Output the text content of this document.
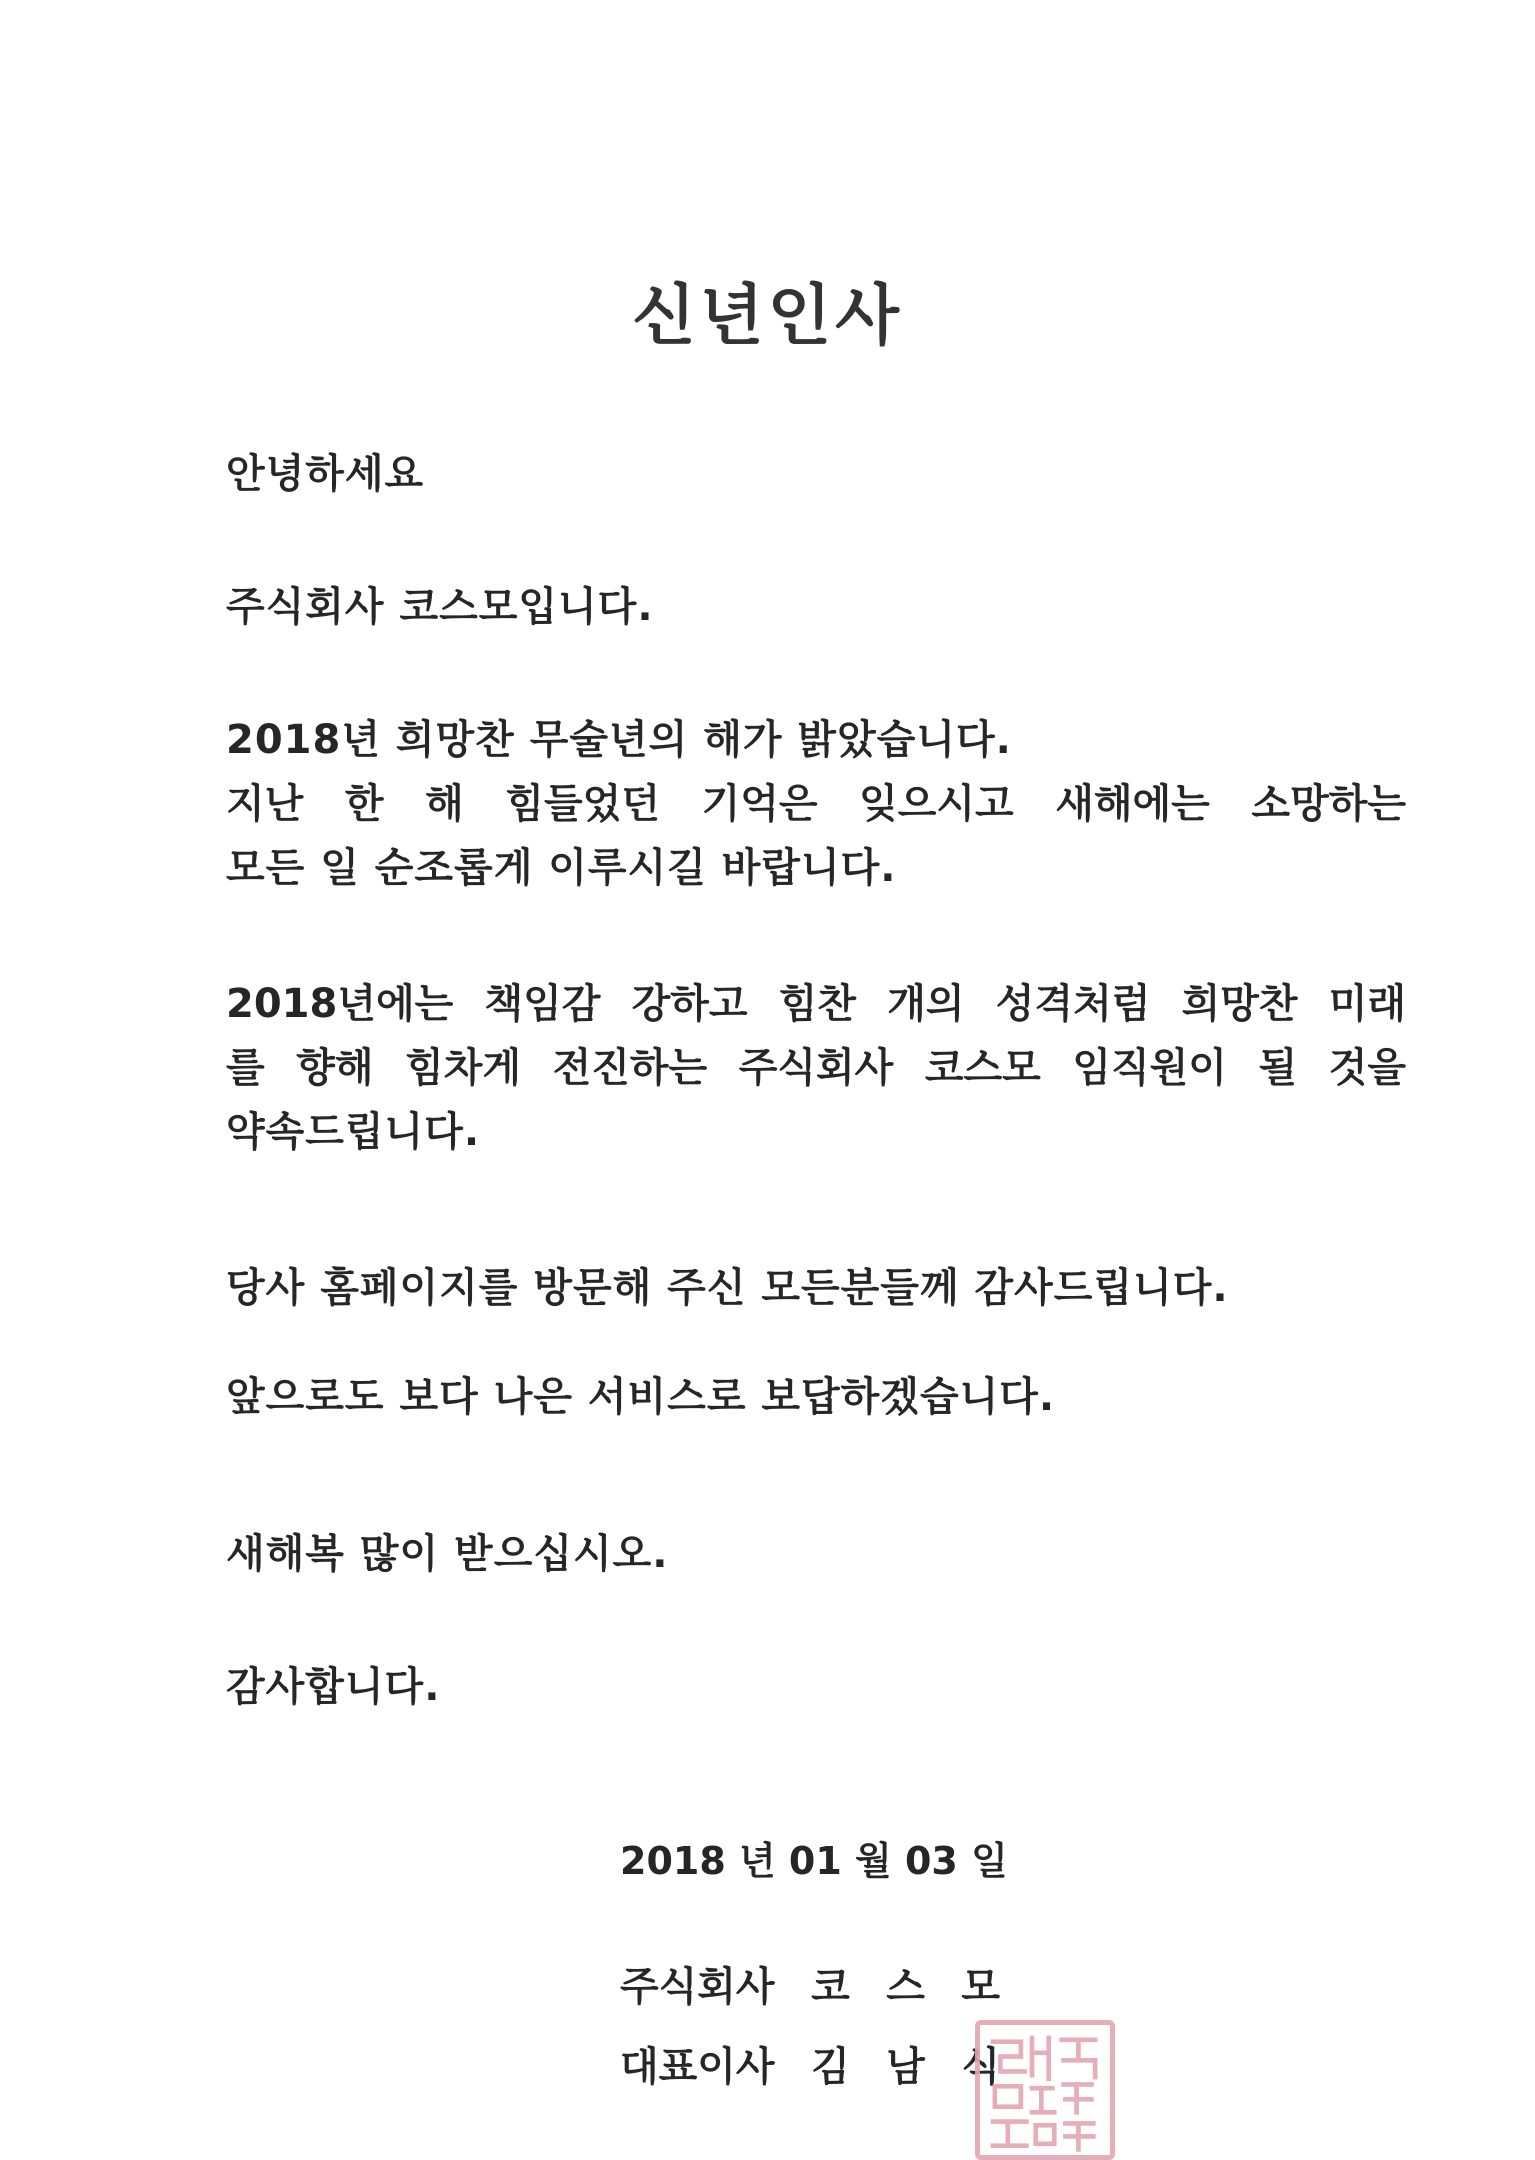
신년인사
안녕하세요
주식회사 코스모입니다.
2018년 희망찬 무술년의 해가 밝았습니다.
지난 한 해 힘들었던 기억은 잊으시고 새해에는 소망하는
모든 일 순조롭게 이루시길 바랍니다.
2018년에는 책임감 강하고 힘찬 개의 성격처럼 희망찬 미래
를 향해 힘차게 전진하는 주식회사 코스모 임직원이 될 것을
약속드립니다.
당사 홈페이지를 방문해 주신 모든분들께 감사드립니다.
앞으로도 보다 나은 서비스로 보답하겠습니다.
새해복 많이 받으십시오.
감사합니다.
2018 년 01 월 03 일
주식회사 코 스 모
대표이사 김 남 식
